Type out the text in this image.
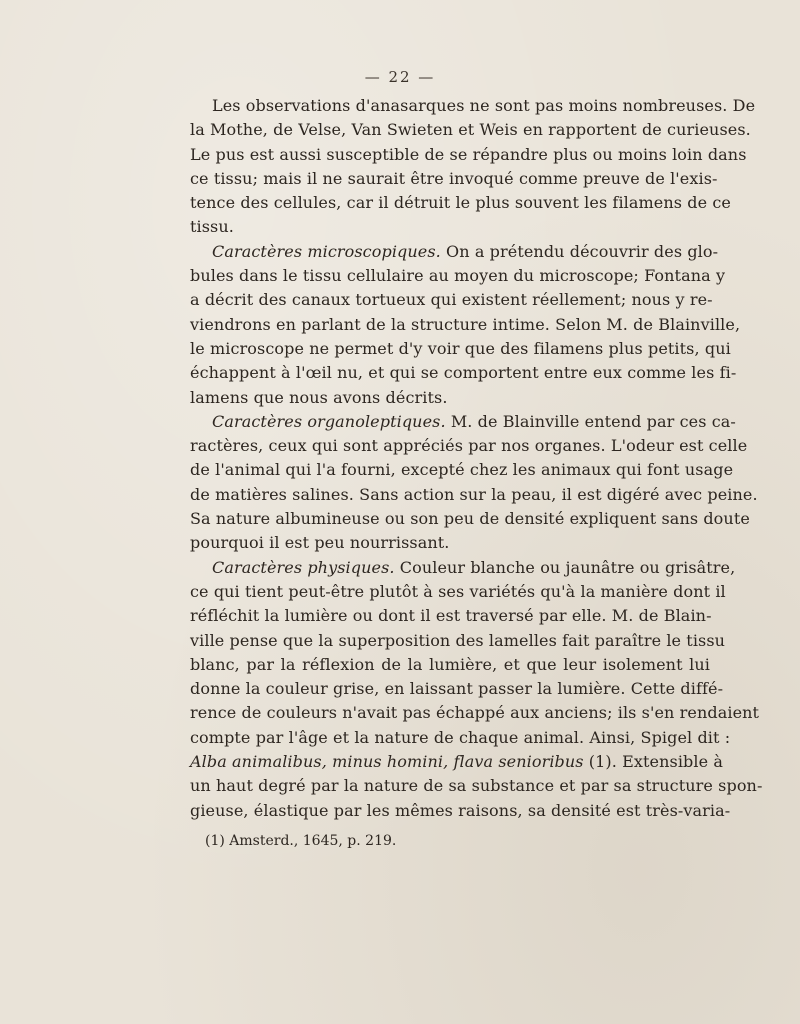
— 22 —
Les observations d'anasarques ne sont pas moins nombreuses. De
la Mothe, de Velse, Van Swieten et Weis en rapportent de curieuses.
Le pus est aussi susceptible de se répandre plus ou moins loin dans
ce tissu; mais il ne saurait être invoqué comme preuve de l'exis-
tence des cellules, car il détruit le plus souvent les filamens de ce
tissu.
Caractères microscopiques. On a prétendu découvrir des glo-
bules dans le tissu cellulaire au moyen du microscope; Fontana y
a décrit des canaux tortueux qui existent réellement; nous y re-
viendrons en parlant de la structure intime. Selon M. de Blainville,
le microscope ne permet d'y voir que des filamens plus petits, qui
échappent à l'œil nu, et qui se comportent entre eux comme les fi-
lamens que nous avons décrits.
Caractères organoleptiques. M. de Blainville entend par ces ca-
ractères, ceux qui sont appréciés par nos organes. L'odeur est celle
de l'animal qui l'a fourni, excepté chez les animaux qui font usage
de matières salines. Sans action sur la peau, il est digéré avec peine.
Sa nature albumineuse ou son peu de densité expliquent sans doute
pourquoi il est peu nourrissant.
Caractères physiques. Couleur blanche ou jaunâtre ou grisâtre,
ce qui tient peut-être plutôt à ses variétés qu'à la manière dont il
réfléchit la lumière ou dont il est traversé par elle. M. de Blain-
ville pense que la superposition des lamelles fait paraître le tissu
blanc, par la réflexion de la lumière, et que leur isolement lui
donne la couleur grise, en laissant passer la lumière. Cette diffé-
rence de couleurs n'avait pas échappé aux anciens; ils s'en rendaient
compte par l'âge et la nature de chaque animal. Ainsi, Spigel dit :
Alba animalibus, minus homini, flava senioribus (1). Extensible à
un haut degré par la nature de sa substance et par sa structure spon-
gieuse, élastique par les mêmes raisons, sa densité est très-varia-
(1) Amsterd., 1645, p. 219.
